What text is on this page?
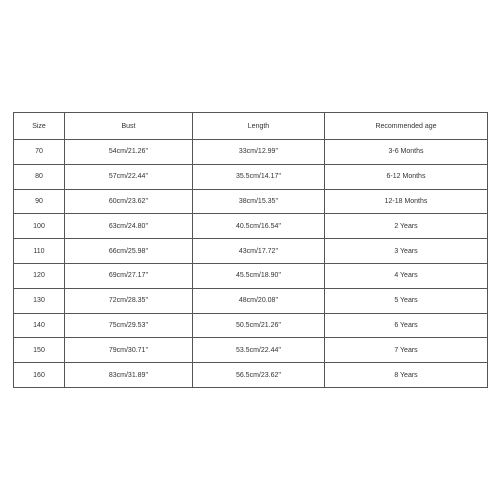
Size	Bust	Length	Recommended age
70	54cm/21.26''	33cm/12.99''	3-6 Months
80	57cm/22.44''	35.5cm/14.17''	6-12 Months
90	60cm/23.62''	38cm/15.35''	12-18 Months
100	63cm/24.80''	40.5cm/16.54''	2 Years
110	66cm/25.98''	43cm/17.72''	3 Years
120	69cm/27.17''	45.5cm/18.90''	4 Years
130	72cm/28.35''	48cm/20.08''	5 Years
140	75cm/29.53''	50.5cm/21.26''	6 Years
150	79cm/30.71''	53.5cm/22.44''	7 Years
160	83cm/31.89''	56.5cm/23.62''	8 Years
